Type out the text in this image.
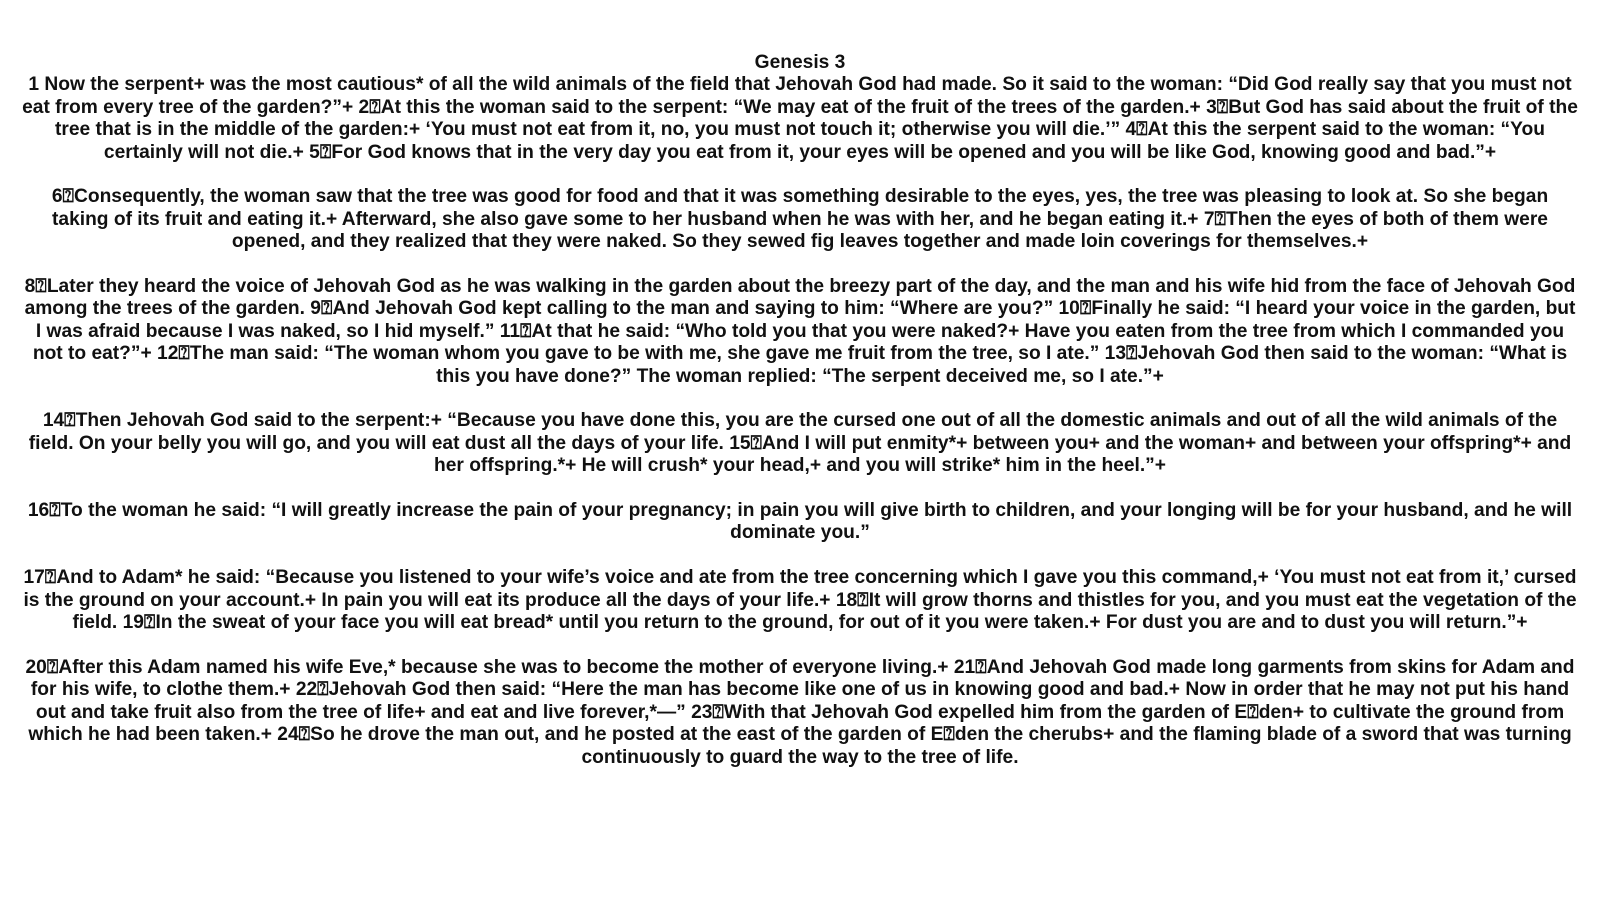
Genesis 3

1 Now the serpent+ was the most cautious* of all the wild animals of the field that Jehovah God had made. So it said to the woman: “Did God really say that you must not eat from every tree of the garden?”+ 2⍰At this the woman said to the serpent: “We may eat of the fruit of the trees of the garden.+ 3⍰But God has said about the fruit of the tree that is in the middle of the garden:+ ‘You must not eat from it, no, you must not touch it; otherwise you will die.’” 4⍰At this the serpent said to the woman: “You certainly will not die.+ 5⍰For God knows that in the very day you eat from it, your eyes will be opened and you will be like God, knowing good and bad.”+

6⍰Consequently, the woman saw that the tree was good for food and that it was something desirable to the eyes, yes, the tree was pleasing to look at. So she began taking of its fruit and eating it.+ Afterward, she also gave some to her husband when he was with her, and he began eating it.+ 7⍰Then the eyes of both of them were opened, and they realized that they were naked. So they sewed fig leaves together and made loin coverings for themselves.+

8⍰Later they heard the voice of Jehovah God as he was walking in the garden about the breezy part of the day, and the man and his wife hid from the face of Jehovah God among the trees of the garden. 9⍰And Jehovah God kept calling to the man and saying to him: “Where are you?” 10⍰Finally he said: “I heard your voice in the garden, but I was afraid because I was naked, so I hid myself.” 11⍰At that he said: “Who told you that you were naked?+ Have you eaten from the tree from which I commanded you not to eat?”+ 12⍰The man said: “The woman whom you gave to be with me, she gave me fruit from the tree, so I ate.” 13⍰Jehovah God then said to the woman: “What is this you have done?” The woman replied: “The serpent deceived me, so I ate.”+

14⍰Then Jehovah God said to the serpent:+ “Because you have done this, you are the cursed one out of all the domestic animals and out of all the wild animals of the field. On your belly you will go, and you will eat dust all the days of your life. 15⍰And I will put enmity*+ between you+ and the woman+ and between your offspring*+ and her offspring.*+ He will crush* your head,+ and you will strike* him in the heel.”+

16⍰To the woman he said: “I will greatly increase the pain of your pregnancy; in pain you will give birth to children, and your longing will be for your husband, and he will dominate you.”

17⍰And to Adam* he said: “Because you listened to your wife’s voice and ate from the tree concerning which I gave you this command,+ ‘You must not eat from it,’ cursed is the ground on your account.+ In pain you will eat its produce all the days of your life.+ 18⍰It will grow thorns and thistles for you, and you must eat the vegetation of the field. 19⍰In the sweat of your face you will eat bread* until you return to the ground, for out of it you were taken.+ For dust you are and to dust you will return.”+

20⍰After this Adam named his wife Eve,* because she was to become the mother of everyone living.+ 21⍰And Jehovah God made long garments from skins for Adam and for his wife, to clothe them.+ 22⍰Jehovah God then said: “Here the man has become like one of us in knowing good and bad.+ Now in order that he may not put his hand out and take fruit also from the tree of life+ and eat and live forever,*—” 23⍰With that Jehovah God expelled him from the garden of E⍰den+ to cultivate the ground from which he had been taken.+ 24⍰So he drove the man out, and he posted at the east of the garden of E⍰den the cherubs+ and the flaming blade of a sword that was turning continuously to guard the way to the tree of life.
